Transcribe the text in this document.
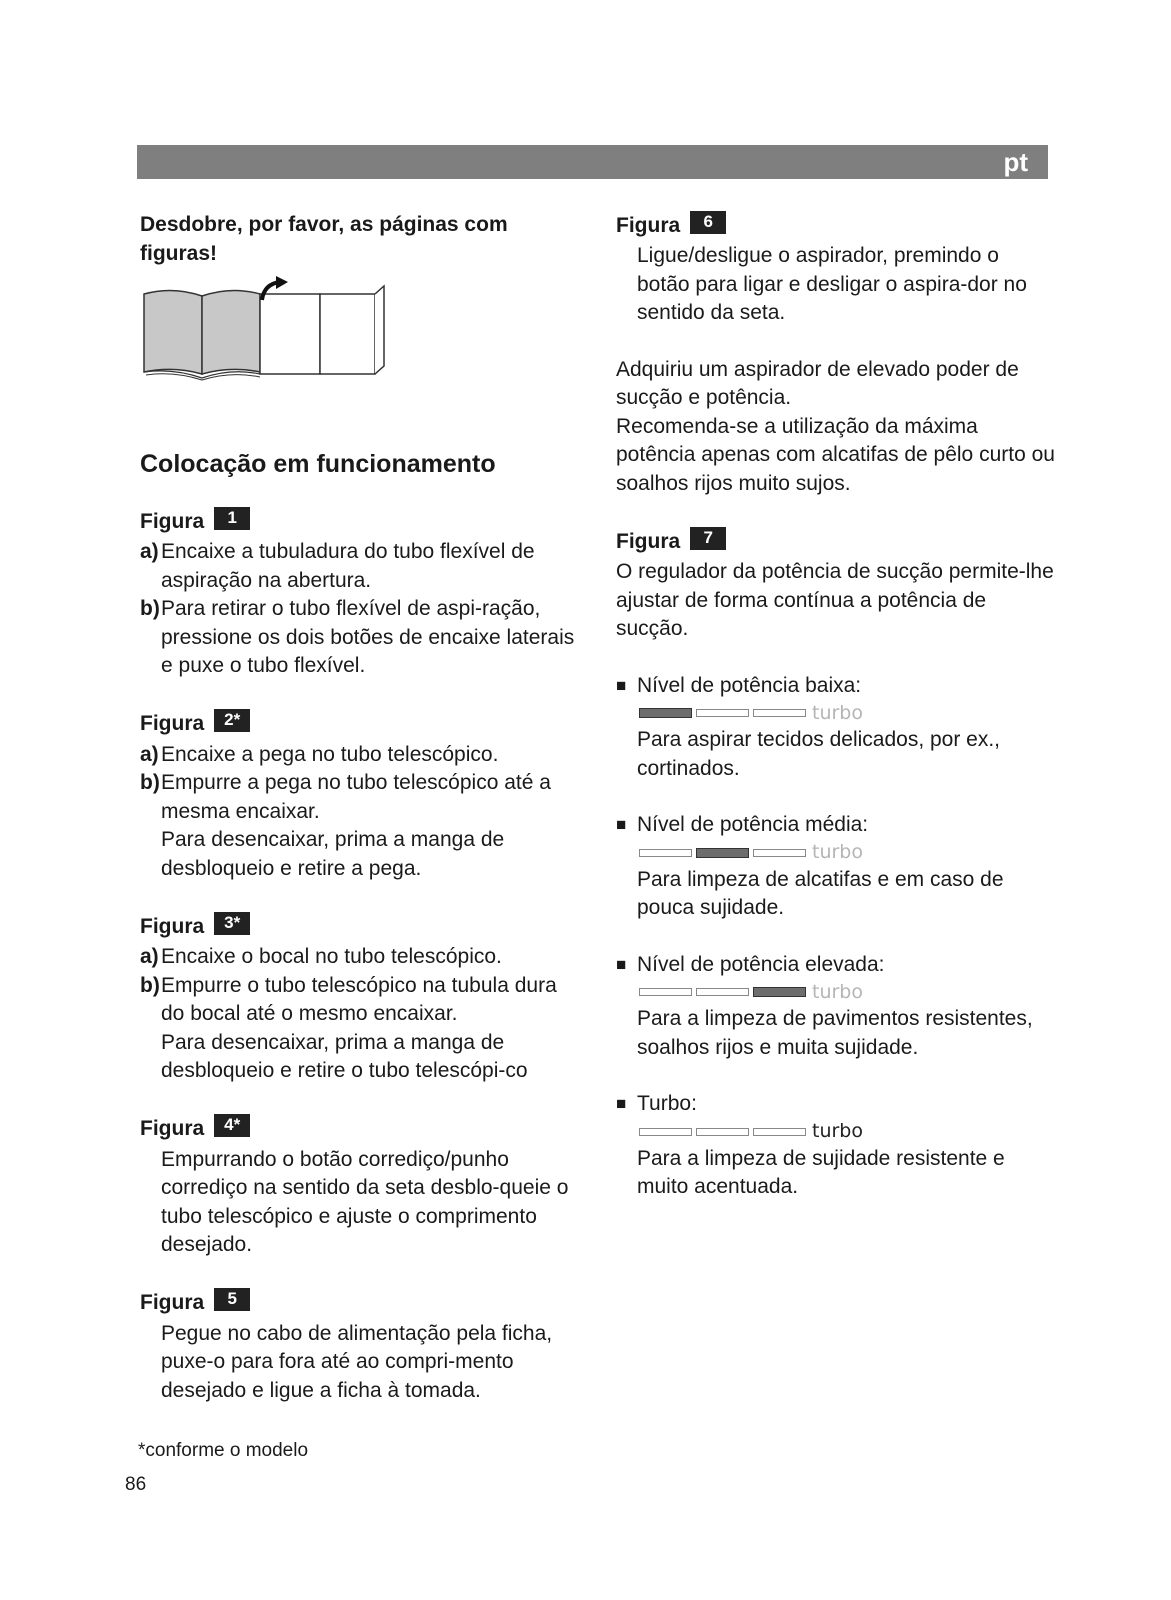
pt

Desdobre, por favor, as páginas com figuras!

Colocação em funcionamento
Figura	1
a) Encaixe a tubuladura do tubo flexível de aspiração na abertura.
b) Para retirar o tubo flexível de aspi-ração, pressione os dois botões de encaixe laterais e puxe o tubo flexível.
Figura	2*
a) Encaixe a pega no tubo telescópico.
b) Empurre a pega no tubo telescópico até a mesma encaixar.
Para desencaixar, prima a manga de desbloqueio e retire a pega.
Figura	3*
a) Encaixe o bocal no tubo telescópico.
b) Empurre o tubo telescópico na tubula dura do bocal até o mesmo encaixar.
Para desencaixar, prima a manga de desbloqueio e retire o tubo telescópi-co
Figura	4*
Empurrando o botão corrediço/punho corrediço na sentido da seta desblo-queie o tubo telescópico e ajuste o comprimento desejado.
Figura	5
Pegue no cabo de alimentação pela ficha, puxe-o para fora até ao compri-mento desejado e ligue a ficha à tomada.
Figura	6
Ligue/desligue o aspirador, premindo o botão para ligar e desligar o aspira-dor no sentido da seta.

Adquiriu um aspirador de elevado poder de sucção e potência.

Recomenda-se a utilização da máxima potência apenas com alcatifas de pêlo curto ou soalhos rijos muito sujos.

Figura	7
O regulador da potência de sucção permite-lhe ajustar de forma contínua a potência de sucção.
■ Nível de potência baixa:
turbo
Para aspirar tecidos delicados, por ex., cortinados.
■ Nível de potência média:
turbo
Para limpeza de alcatifas e em caso de pouca sujidade.
■ Nível de potência elevada:
turbo
Para a limpeza de pavimentos resistentes, soalhos rijos e muita sujidade.
■ Turbo:
turbo
Para a limpeza de sujidade resistente e muito acentuada.
*conforme o modelo
86
